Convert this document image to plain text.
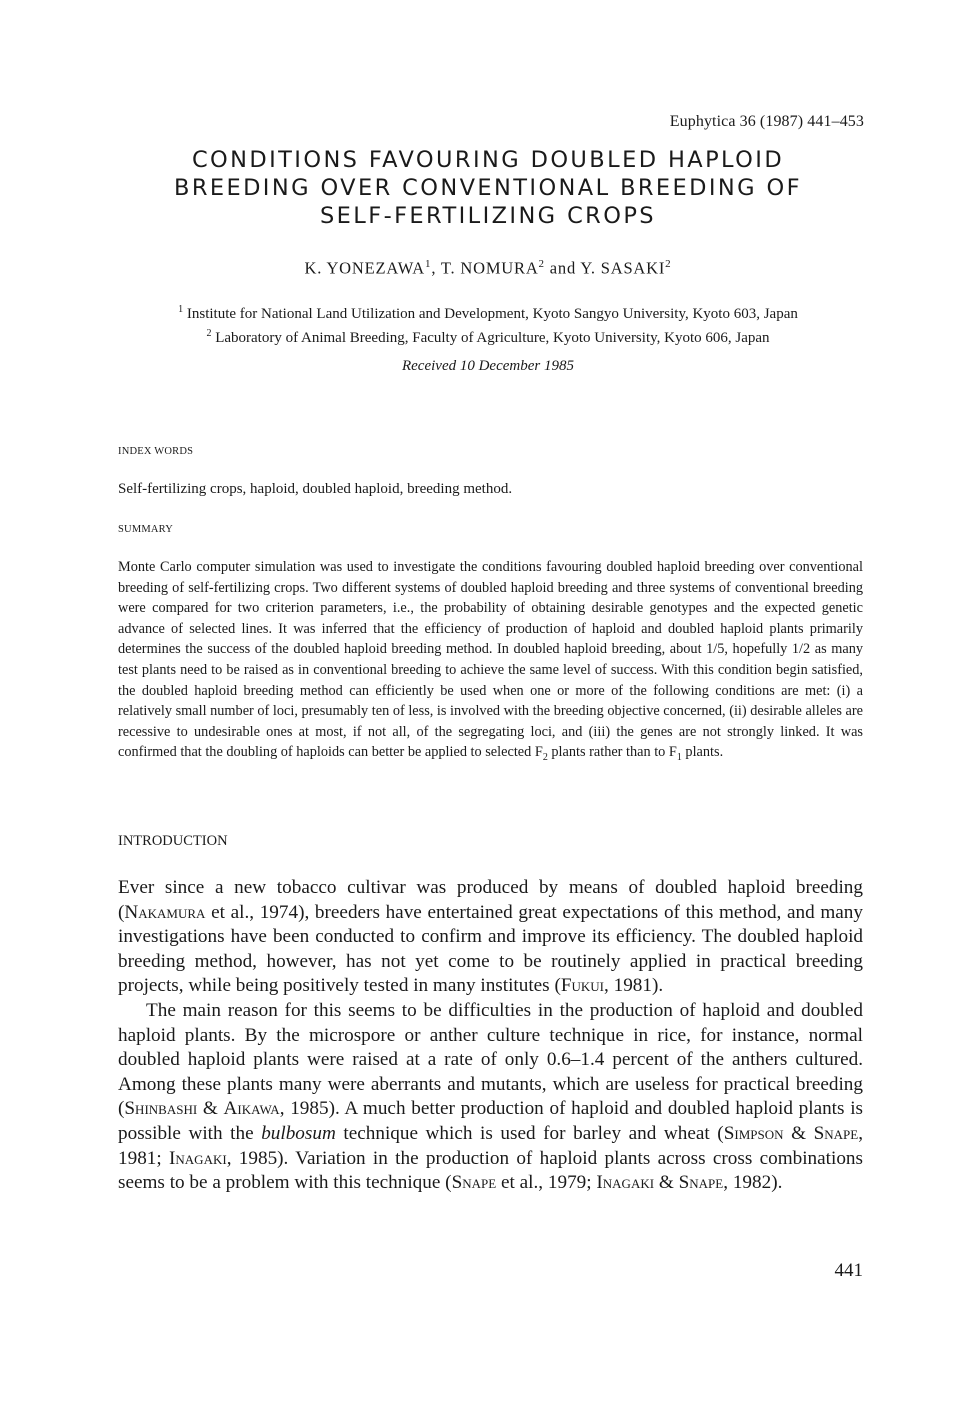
Euphytica 36 (1987) 441–453
CONDITIONS FAVOURING DOUBLED HAPLOID
BREEDING OVER CONVENTIONAL BREEDING OF
SELF-FERTILIZING CROPS
K. YONEZAWA$^1$, T. NOMURA$^2$ and Y. SASAKI$^2$
$^1$ Institute for National Land Utilization and Development, Kyoto Sangyo University, Kyoto 603, Japan
$^2$ Laboratory of Animal Breeding, Faculty of Agriculture, Kyoto University, Kyoto 606, Japan
Received 10 December 1985
INDEX WORDS
Self-fertilizing crops, haploid, doubled haploid, breeding method.
SUMMARY

Monte Carlo computer simulation was used to investigate the conditions favouring doubled haploid breeding over conventional breeding of self-fertilizing crops. Two different systems of doubled haploid breeding and three systems of conventional breeding were compared for two criterion parameters, i.e., the probability of obtaining desirable genotypes and the expected genetic advance of selected lines. It was inferred that the efficiency of production of haploid and doubled haploid plants primarily determines the success of the doubled haploid breeding method. In doubled haploid breeding, about 1/5, hopefully 1/2 as many test plants need to be raised as in conventional breeding to achieve the same level of success. With this condition begin satisfied, the doubled haploid breeding method can efficiently be used when one or more of the following conditions are met: (i) a relatively small number of loci, presumably ten of less, is involved with the breeding objective concerned, (ii) desirable alleles are recessive to undesirable ones at most, if not all, of the segregating loci, and (iii) the genes are not strongly linked. It was confirmed that the doubling of haploids can better be applied to selected $F_2$ plants rather than to $F_1$ plants.

INTRODUCTION

Ever since a new tobacco cultivar was produced by means of doubled haploid breeding (Nakamura et al., 1974), breeders have entertained great expectations of this method, and many investigations have been conducted to confirm and improve its efficiency. The doubled haploid breeding method, however, has not yet come to be routinely applied in practical breeding projects, while being positively tested in many institutes (Fukui, 1981).

The main reason for this seems to be difficulties in the production of haploid and doubled haploid plants. By the microspore or anther culture technique in rice, for instance, normal doubled haploid plants were raised at a rate of only 0.6–1.4 percent of the anthers cultured. Among these plants many were aberrants and mutants, which are useless for practical breeding (Shinbashi & Aikawa, 1985). A much better production of haploid and doubled haploid plants is possible with the bulbosum technique which is used for barley and wheat (Simpson & Snape, 1981; Inagaki, 1985). Variation in the production of haploid plants across cross combinations seems to be a problem with this technique (Snape et al., 1979; Inagaki & Snape, 1982).

441
